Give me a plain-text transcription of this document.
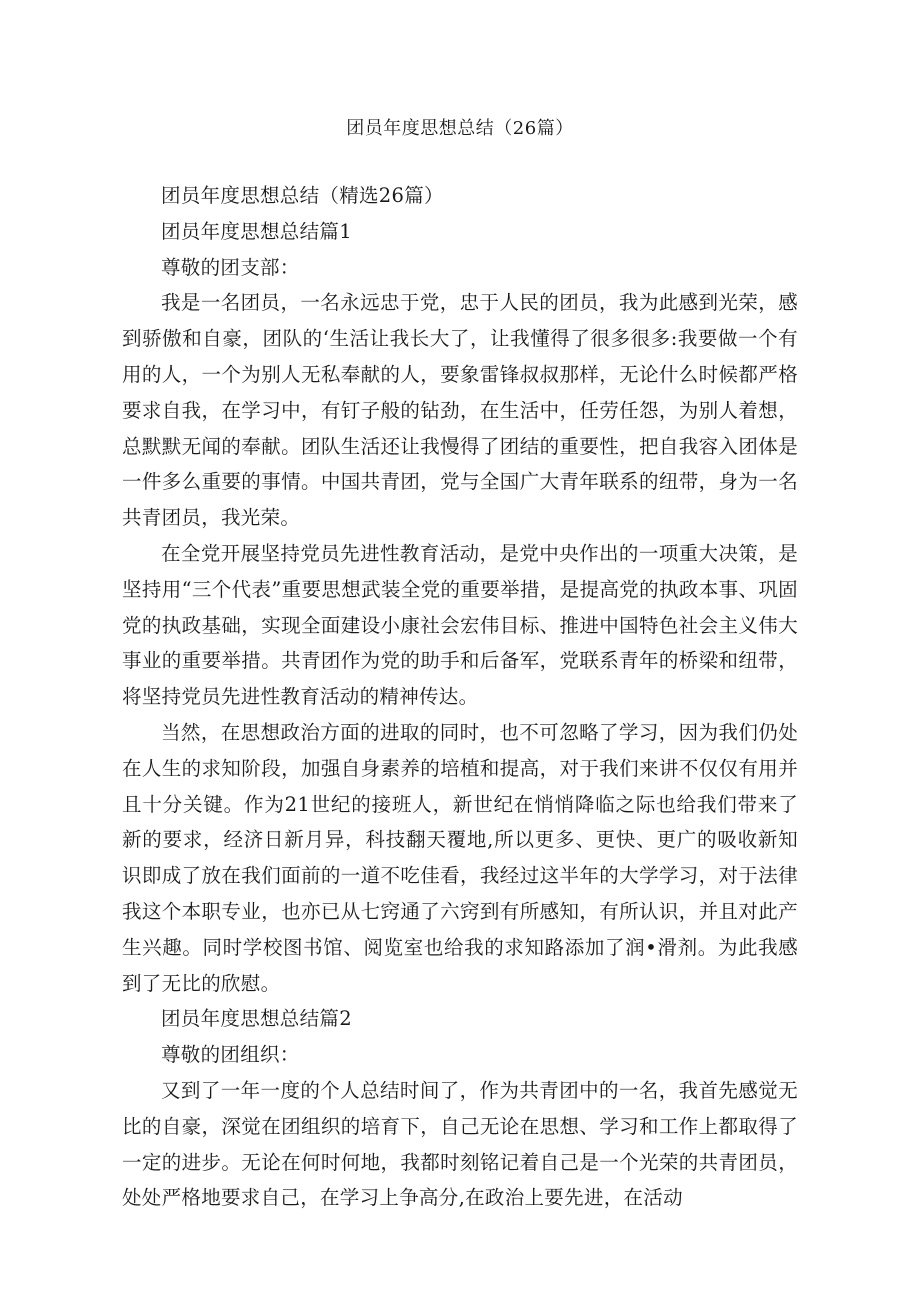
团员年度思想总结（26篇）

团员年度思想总结（精选26篇）

团员年度思想总结篇1

尊敬的团支部：

我是一名团员，一名永远忠于党，忠于人民的团员，我为此感到光荣，感到骄傲和自豪，团队的‘生活让我长大了，让我懂得了很多很多:我要做一个有用的人，一个为别人无私奉献的人，要象雷锋叔叔那样，无论什么时候都严格要求自我，在学习中，有钉子般的钻劲，在生活中，任劳任怨，为别人着想，总默默无闻的奉献。团队生活还让我慢得了团结的重要性，把自我容入团体是一件多么重要的事情。中国共青团，党与全国广大青年联系的纽带，身为一名共青团员，我光荣。

在全党开展坚持党员先进性教育活动，是党中央作出的一项重大决策，是坚持用“三个代表”重要思想武装全党的重要举措，是提高党的执政本事、巩固党的执政基础，实现全面建设小康社会宏伟目标、推进中国特色社会主义伟大事业的重要举措。共青团作为党的助手和后备军，党联系青年的桥梁和纽带，将坚持党员先进性教育活动的精神传达。

当然，在思想政治方面的进取的同时，也不可忽略了学习，因为我们仍处在人生的求知阶段，加强自身素养的培植和提高，对于我们来讲不仅仅有用并且十分关键。作为21世纪的接班人，新世纪在悄悄降临之际也给我们带来了新的要求，经济日新月异，科技翻天覆地,所以更多、更快、更广的吸收新知识即成了放在我们面前的一道不吃佳看，我经过这半年的大学学习，对于法律我这个本职专业，也亦已从七窍通了六窍到有所感知，有所认识，并且对此产生兴趣。同时学校图书馆、阅览室也给我的求知路添加了润•滑剂。为此我感到了无比的欣慰。

团员年度思想总结篇2

尊敬的团组织：

又到了一年一度的个人总结时间了，作为共青团中的一名，我首先感觉无比的自豪，深觉在团组织的培育下，自己无论在思想、学习和工作上都取得了一定的进步。无论在何时何地，我都时刻铭记着自己是一个光荣的共青团员，处处严格地要求自己，在学习上争高分,在政治上要先进，在活动
